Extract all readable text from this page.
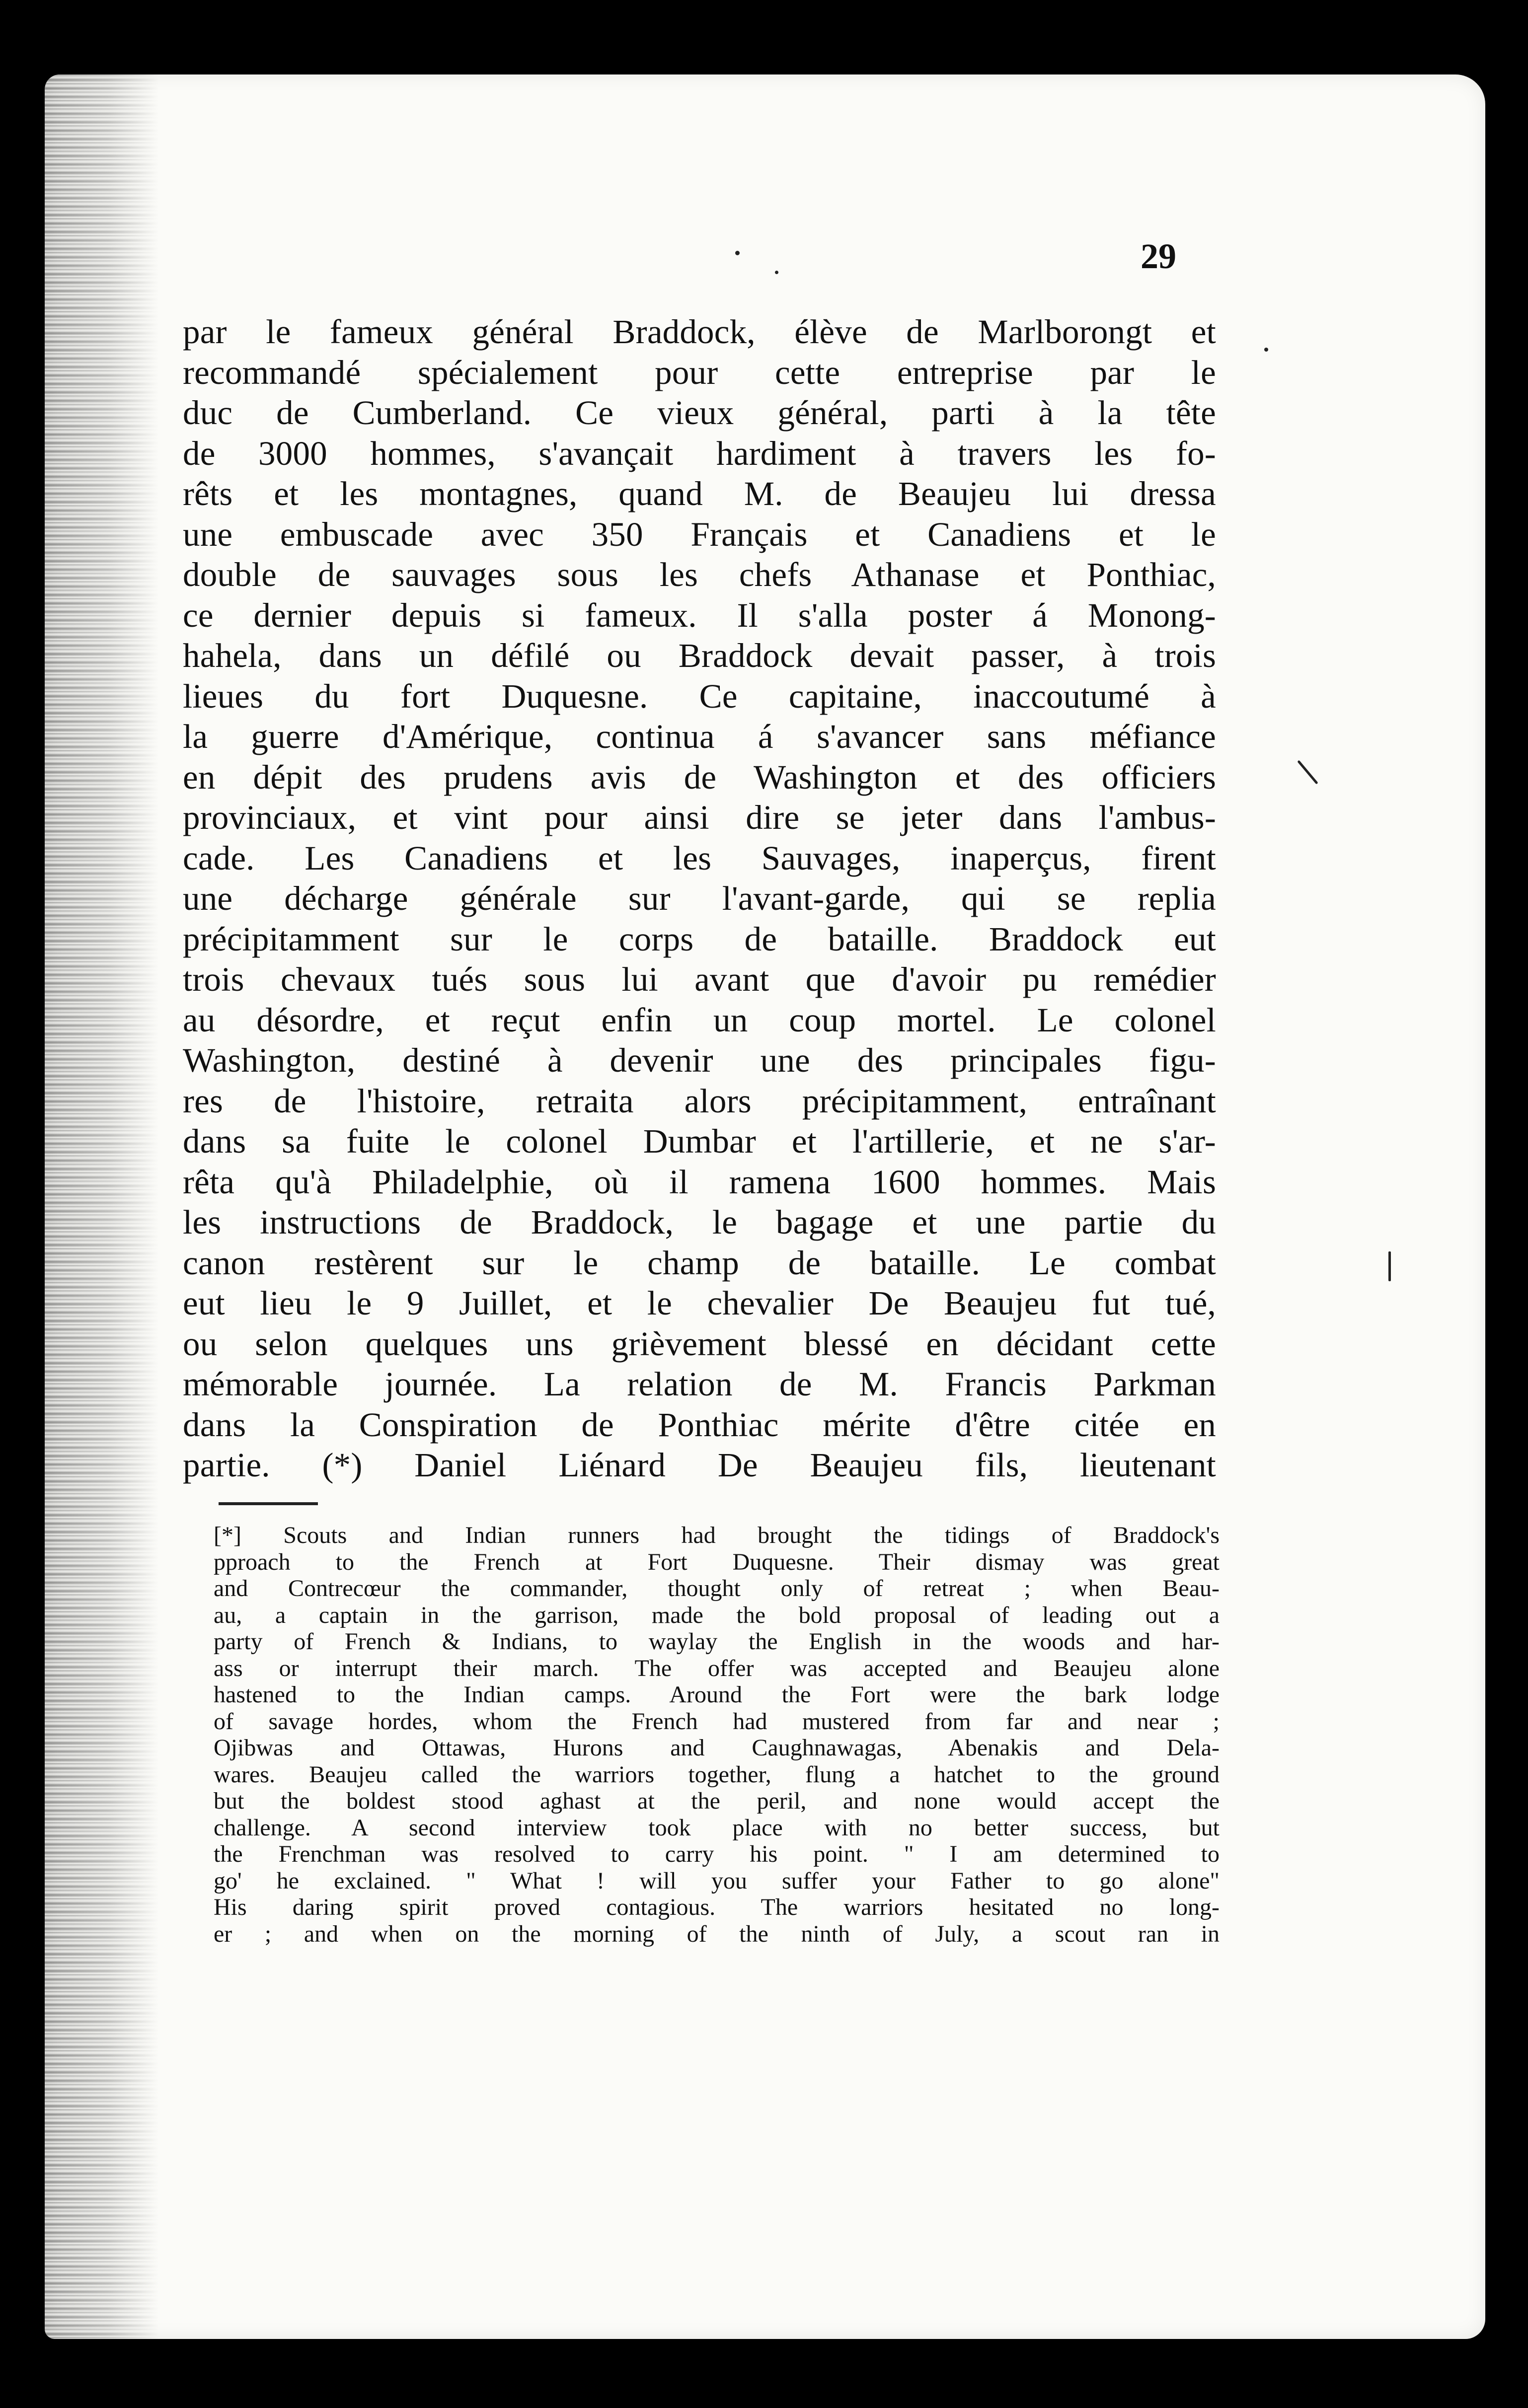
29
par le fameux général Braddock, élève de Marlborongt et
recommandé spécialement pour cette entreprise par le
duc de Cumberland. Ce vieux général, parti à la tête
de 3000 hommes, s'avançait hardiment à travers les fo-
rêts et les montagnes, quand M. de Beaujeu lui dressa
une embuscade avec 350 Français et Canadiens et le
double de sauvages sous les chefs Athanase et Ponthiac,
ce dernier depuis si fameux. Il s'alla poster á Monong-
hahela, dans un défilé ou Braddock devait passer, à trois
lieues du fort Duquesne. Ce capitaine, inaccoutumé à
la guerre d'Amérique, continua á s'avancer sans méfiance
en dépit des prudens avis de Washington et des officiers
provinciaux, et vint pour ainsi dire se jeter dans l'ambus-
cade. Les Canadiens et les Sauvages, inaperçus, firent
une décharge générale sur l'avant-garde, qui se replia
précipitamment sur le corps de bataille. Braddock eut
trois chevaux tués sous lui avant que d'avoir pu remédier
au désordre, et reçut enfin un coup mortel. Le colonel
Washington, destiné à devenir une des principales figu-
res de l'histoire, retraita alors précipitamment, entraînant
dans sa fuite le colonel Dumbar et l'artillerie, et ne s'ar-
rêta qu'à Philadelphie, où il ramena 1600 hommes. Mais
les instructions de Braddock, le bagage et une partie du
canon restèrent sur le champ de bataille. Le combat
eut lieu le 9 Juillet, et le chevalier De Beaujeu fut tué,
ou selon quelques uns grièvement blessé en décidant cette
mémorable journée. La relation de M. Francis Parkman
dans la Conspiration de Ponthiac mérite d'être citée en
partie. (*) Daniel Liénard De Beaujeu fils, lieutenant
[*] Scouts and Indian runners had brought the tidings of Braddock's
pproach to the French at Fort Duquesne. Their dismay was great
and Contrecœur the commander, thought only of retreat ; when Beau-
au, a captain in the garrison, made the bold proposal of leading out a
party of French & Indians, to waylay the English in the woods and har-
ass or interrupt their march. The offer was accepted and Beaujeu alone
hastened to the Indian camps. Around the Fort were the bark lodge
of savage hordes, whom the French had mustered from far and near ;
Ojibwas and Ottawas, Hurons and Caughnawagas, Abenakis and Dela-
wares. Beaujeu called the warriors together, flung a hatchet to the ground
but the boldest stood aghast at the peril, and none would accept the
challenge. A second interview took place with no better success, but
the Frenchman was resolved to carry his point. " I am determined to
go' he exclained. " What ! will you suffer your Father to go alone"
His daring spirit proved contagious. The warriors hesitated no long-
er ; and when on the morning of the ninth of July, a scout ran in
